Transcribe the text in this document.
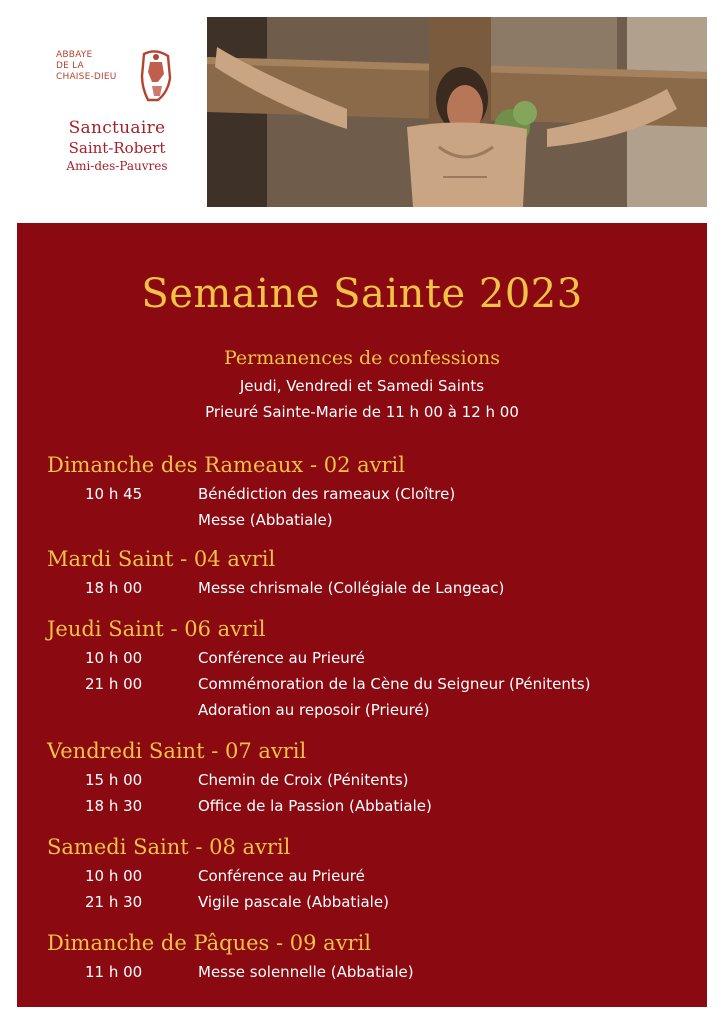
ABBAYE
DE LA
CHAISE-DIEU
Sanctuaire
Saint-Robert
Ami-des-Pauvres
Semaine Sainte 2023
Permanences de confessions
Jeudi, Vendredi et Samedi Saints
Prieuré Sainte-Marie de 11 h 00 à 12 h 00
Dimanche des Rameaux - 02 avril
10 h 45	Bénédiction des rameaux (Cloître)
Messe (Abbatiale)
Mardi Saint - 04 avril
18 h 00	Messe chrismale (Collégiale de Langeac)
Jeudi Saint - 06 avril
10 h 00	Conférence au Prieuré
21 h 00	Commémoration de la Cène du Seigneur (Pénitents)
Adoration au reposoir (Prieuré)
Vendredi Saint - 07 avril
15 h 00	Chemin de Croix (Pénitents)
18 h 30	Office de la Passion (Abbatiale)
Samedi Saint - 08 avril
10 h 00	Conférence au Prieuré
21 h 30	Vigile pascale (Abbatiale)
Dimanche de Pâques - 09 avril
11 h 00	Messe solennelle (Abbatiale)
